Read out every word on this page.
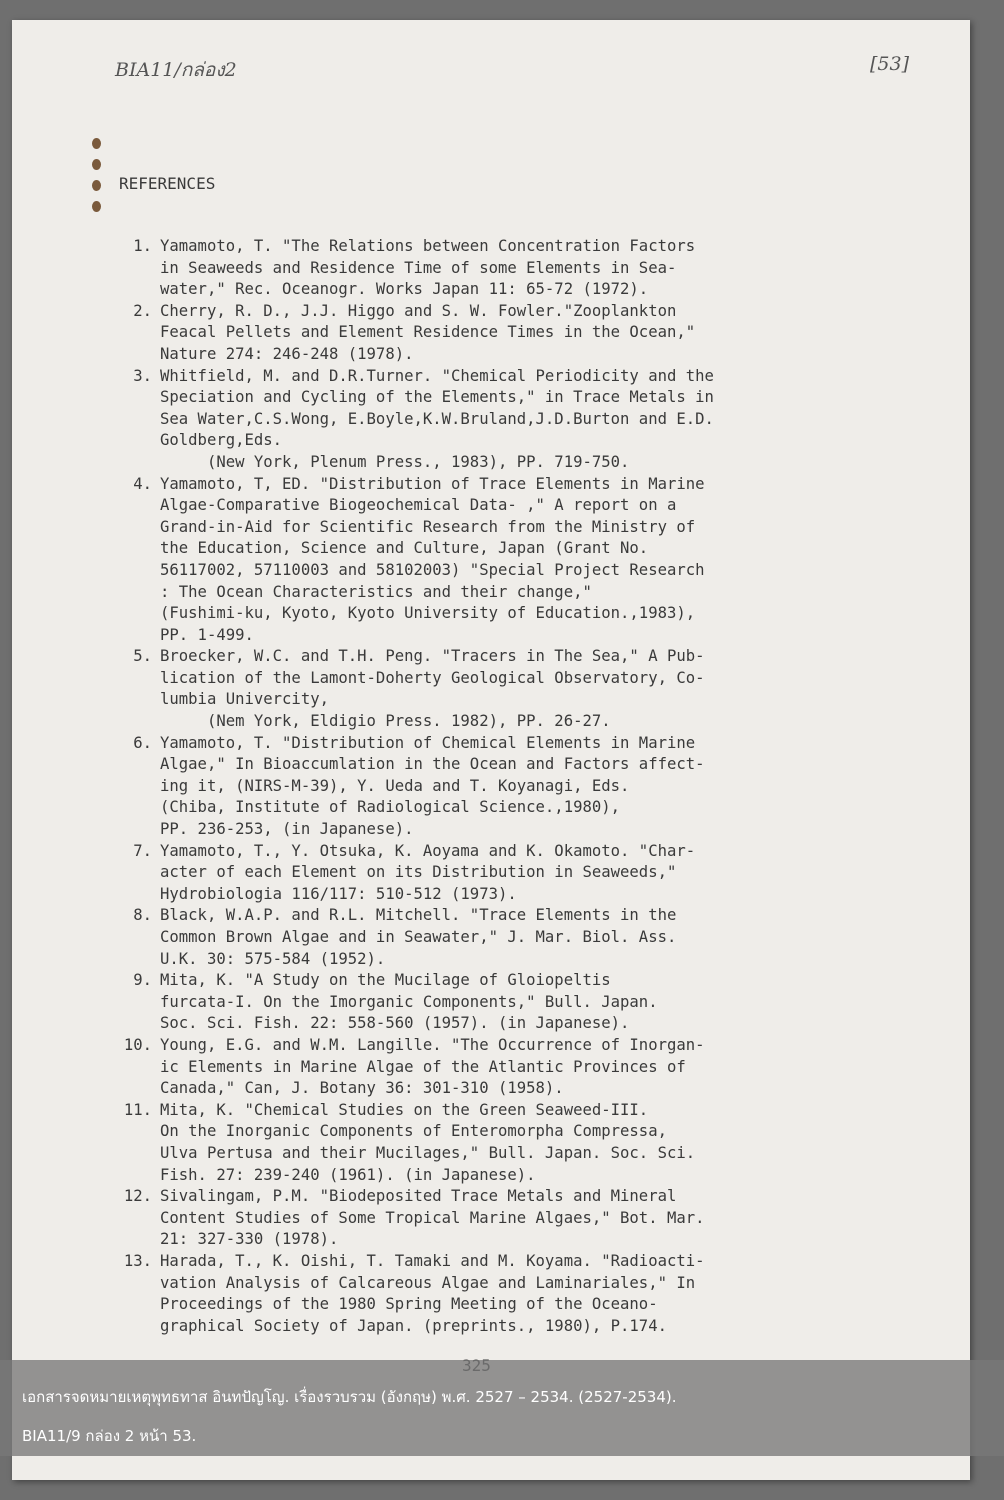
BIA11/กล่อง2	[53]
REFERENCES
1. Yamamoto, T. "The Relations between Concentration Factors
in Seaweeds and Residence Time of some Elements in Sea-
water," Rec. Oceanogr. Works Japan 11: 65-72 (1972).
2. Cherry, R. D., J.J. Higgo and S. W. Fowler."Zooplankton
Feacal Pellets and Element Residence Times in the Ocean,"
Nature 274: 246-248 (1978).
3. Whitfield, M. and D.R.Turner. "Chemical Periodicity and the
Speciation and Cycling of the Elements," in Trace Metals in
Sea Water,C.S.Wong, E.Boyle,K.W.Bruland,J.D.Burton and E.D.
Goldberg,Eds.
(New York, Plenum Press., 1983), PP. 719-750.
4. Yamamoto, T, ED. "Distribution of Trace Elements in Marine
Algae-Comparative Biogeochemical Data- ," A report on a
Grand-in-Aid for Scientific Research from the Ministry of
the Education, Science and Culture, Japan (Grant No.
56117002, 57110003 and 58102003) "Special Project Research
: The Ocean Characteristics and their change,"
(Fushimi-ku, Kyoto, Kyoto University of Education.,1983),
PP. 1-499.
5. Broecker, W.C. and T.H. Peng. "Tracers in The Sea," A Pub-
lication of the Lamont-Doherty Geological Observatory, Co-
lumbia Univercity,
(Nem York, Eldigio Press. 1982), PP. 26-27.
6. Yamamoto, T. "Distribution of Chemical Elements in Marine
Algae," In Bioaccumlation in the Ocean and Factors affect-
ing it, (NIRS-M-39), Y. Ueda and T. Koyanagi, Eds.
(Chiba, Institute of Radiological Science.,1980),
PP. 236-253, (in Japanese).
7. Yamamoto, T., Y. Otsuka, K. Aoyama and K. Okamoto. "Char-
acter of each Element on its Distribution in Seaweeds,"
Hydrobiologia 116/117: 510-512 (1973).
8. Black, W.A.P. and R.L. Mitchell. "Trace Elements in the
Common Brown Algae and in Seawater," J. Mar. Biol. Ass.
U.K. 30: 575-584 (1952).
9. Mita, K. "A Study on the Mucilage of Gloiopeltis
furcata-I. On the Imorganic Components," Bull. Japan.
Soc. Sci. Fish. 22: 558-560 (1957). (in Japanese).
10. Young, E.G. and W.M. Langille. "The Occurrence of Inorgan-
ic Elements in Marine Algae of the Atlantic Provinces of
Canada," Can, J. Botany 36: 301-310 (1958).
11. Mita, K. "Chemical Studies on the Green Seaweed-III.
On the Inorganic Components of Enteromorpha Compressa,
Ulva Pertusa and their Mucilages," Bull. Japan. Soc. Sci.
Fish. 27: 239-240 (1961). (in Japanese).
12. Sivalingam, P.M. "Biodeposited Trace Metals and Mineral
Content Studies of Some Tropical Marine Algaes," Bot. Mar.
21: 327-330 (1978).
13. Harada, T., K. Oishi, T. Tamaki and M. Koyama. "Radioacti-
vation Analysis of Calcareous Algae and Laminariales," In
Proceedings of the 1980 Spring Meeting of the Oceano-
graphical Society of Japan. (preprints., 1980), P.174.
เอกสารจดหมายเหตุพุทธทาส อินทปัญโญ. เรื่องรวบรวม (อังกฤษ) พ.ศ. 2527 – 2534. (2527-2534).
BIA11/9 กล่อง 2 หน้า 53.
